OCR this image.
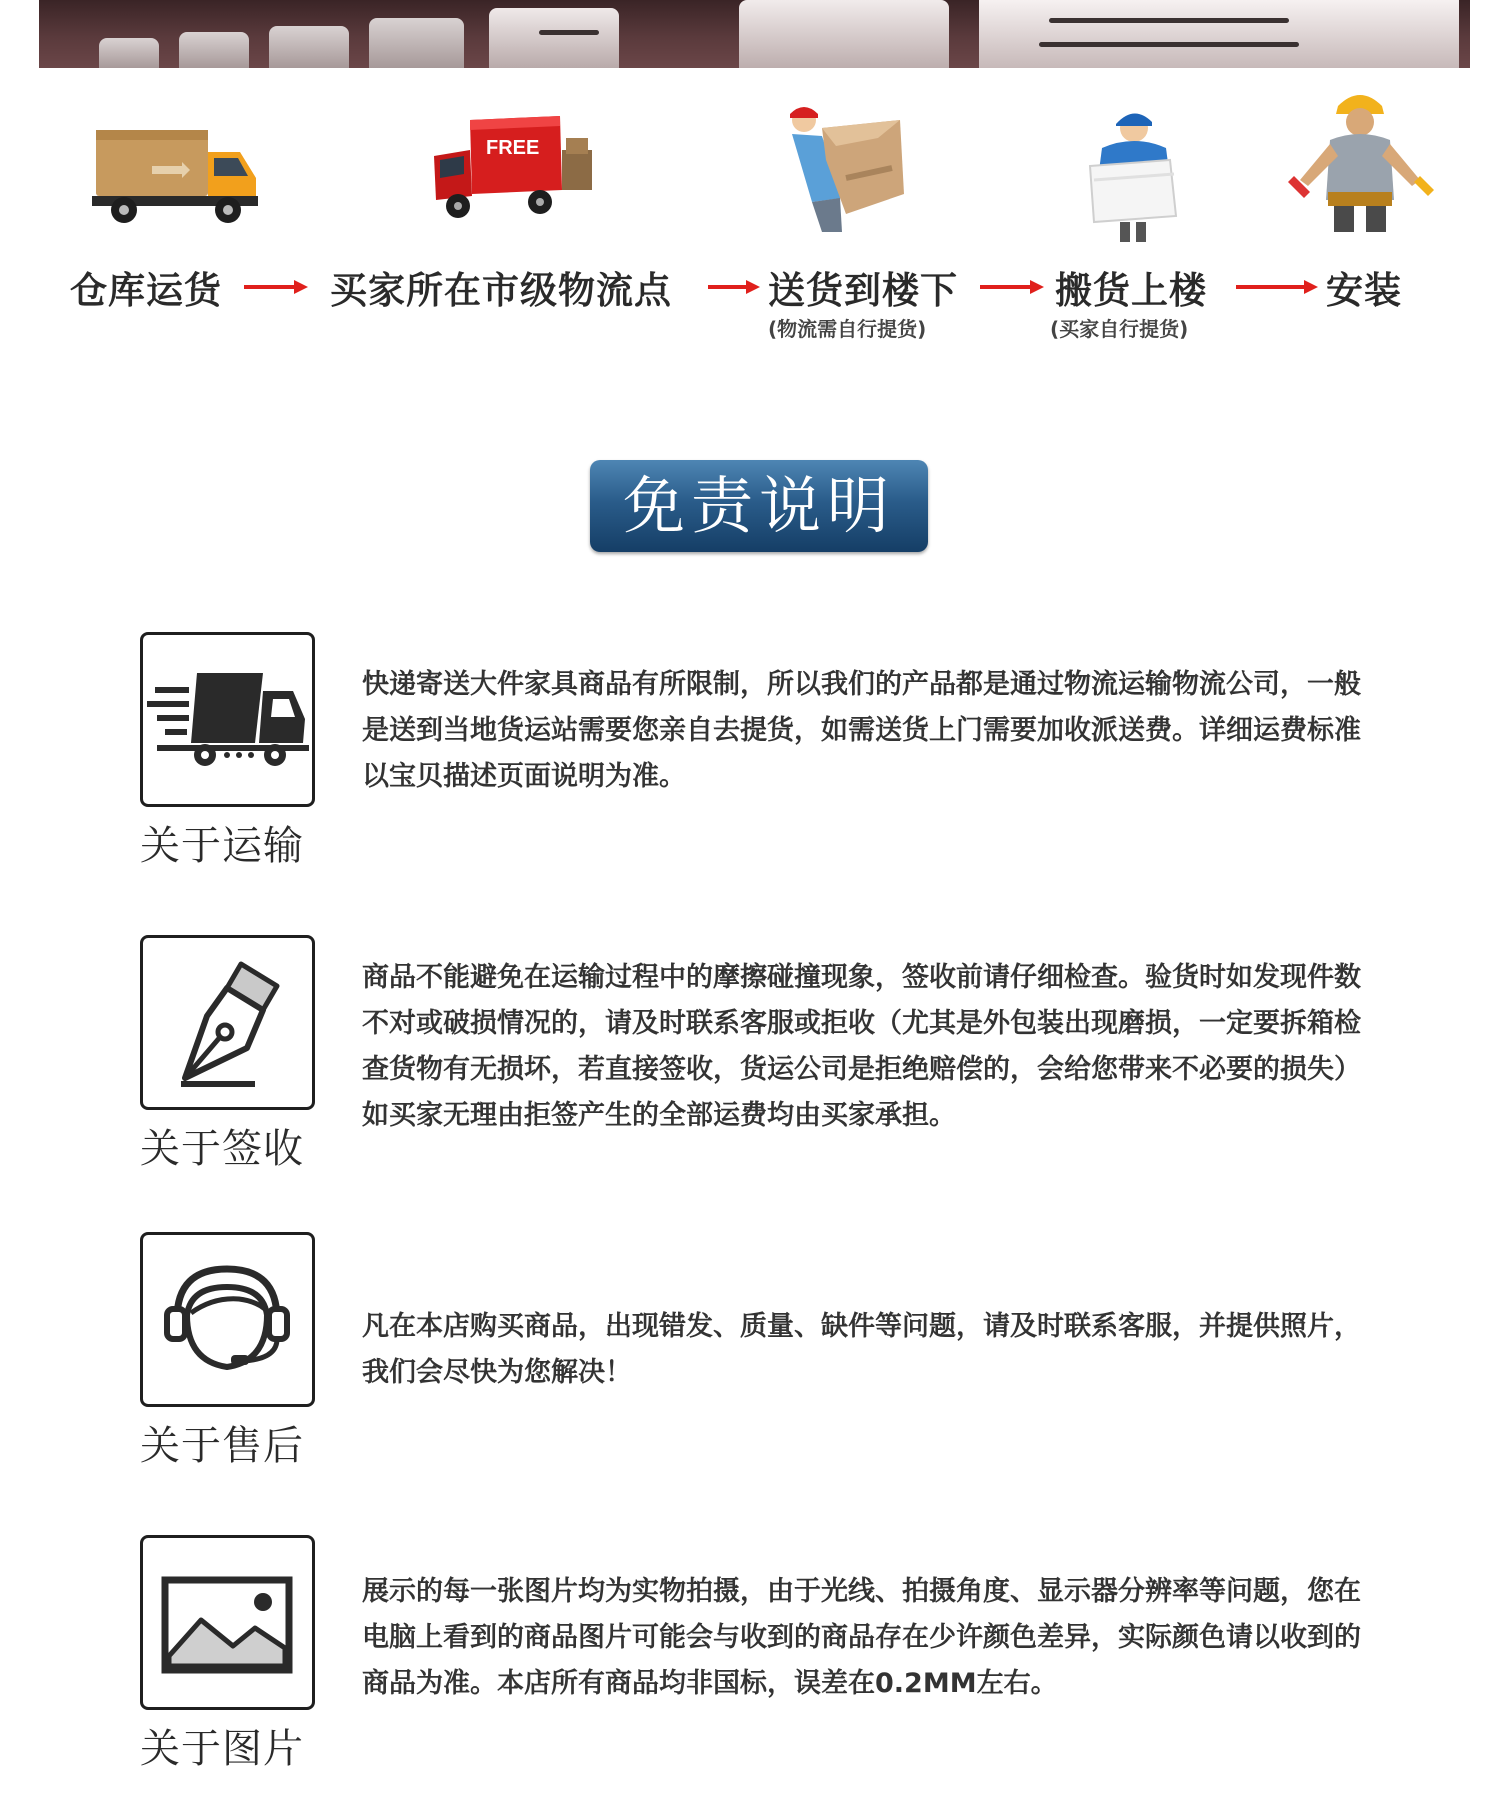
FREE
仓库运货	买家所在市级物流点	送货到楼下
(物流需自行提货)
搬货上楼
(买家自行提货)
安装
免责说明
关于运输
快递寄送大件家具商品有所限制，所以我们的产品都是通过物流运输物流公司，一般是送到当地货运站需要您亲自去提货，如需送货上门需要加收派送费。详细运费标准以宝贝描述页面说明为准。
关于签收
商品不能避免在运输过程中的摩擦碰撞现象，签收前请仔细检查。验货时如发现件数不对或破损情况的，请及时联系客服或拒收（尤其是外包装出现磨损，一定要拆箱检查货物有无损坏，若直接签收，货运公司是拒绝赔偿的，会给您带来不必要的损失）如买家无理由拒签产生的全部运费均由买家承担。
关于售后
凡在本店购买商品，出现错发、质量、缺件等问题，请及时联系客服，并提供照片，我们会尽快为您解决！
关于图片
展示的每一张图片均为实物拍摄，由于光线、拍摄角度、显示器分辨率等问题，您在电脑上看到的商品图片可能会与收到的商品存在少许颜色差异，实际颜色请以收到的商品为准。本店所有商品均非国标，误差在0.2MM左右。
